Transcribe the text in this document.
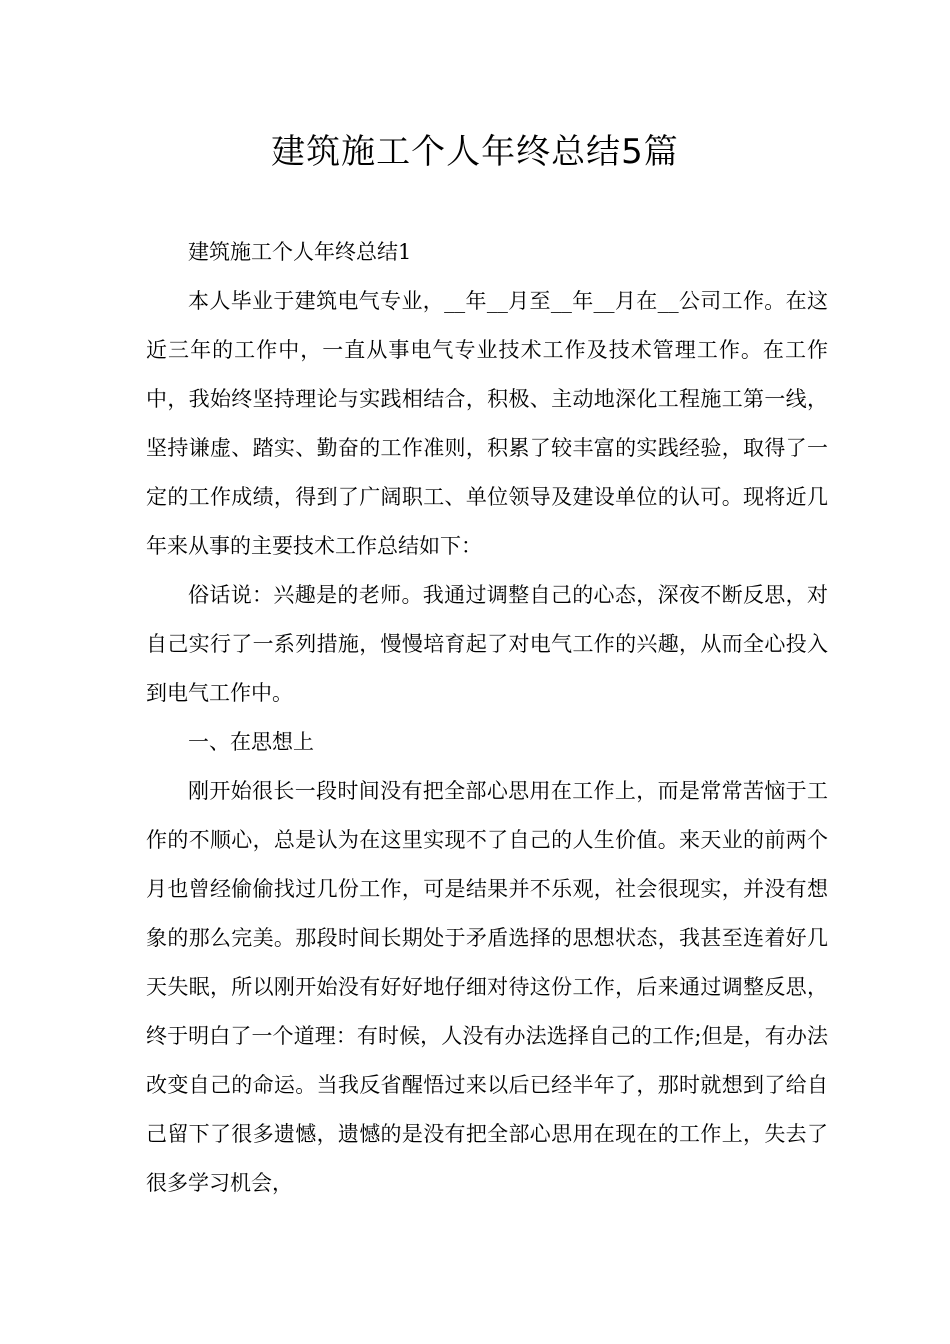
建筑施工个人年终总结5篇

建筑施工个人年终总结1

本人毕业于建筑电气专业，__年__月至__年__月在__公司工作。在这近三年的工作中，一直从事电气专业技术工作及技术管理工作。在工作中，我始终坚持理论与实践相结合，积极、主动地深化工程施工第一线，坚持谦虚、踏实、勤奋的工作准则，积累了较丰富的实践经验，取得了一定的工作成绩，得到了广阔职工、单位领导及建设单位的认可。现将近几年来从事的主要技术工作总结如下：

俗话说：兴趣是的老师。我通过调整自己的心态，深夜不断反思，对自己实行了一系列措施，慢慢培育起了对电气工作的兴趣，从而全心投入到电气工作中。

一、在思想上

刚开始很长一段时间没有把全部心思用在工作上，而是常常苦恼于工作的不顺心，总是认为在这里实现不了自己的人生价值。来天业的前两个月也曾经偷偷找过几份工作，可是结果并不乐观，社会很现实，并没有想象的那么完美。那段时间长期处于矛盾选择的思想状态，我甚至连着好几天失眠，所以刚开始没有好好地仔细对待这份工作，后来通过调整反思，终于明白了一个道理：有时候，人没有办法选择自己的工作;但是，有办法改变自己的命运。当我反省醒悟过来以后已经半年了，那时就想到了给自己留下了很多遗憾，遗憾的是没有把全部心思用在现在的工作上，失去了很多学习机会，
